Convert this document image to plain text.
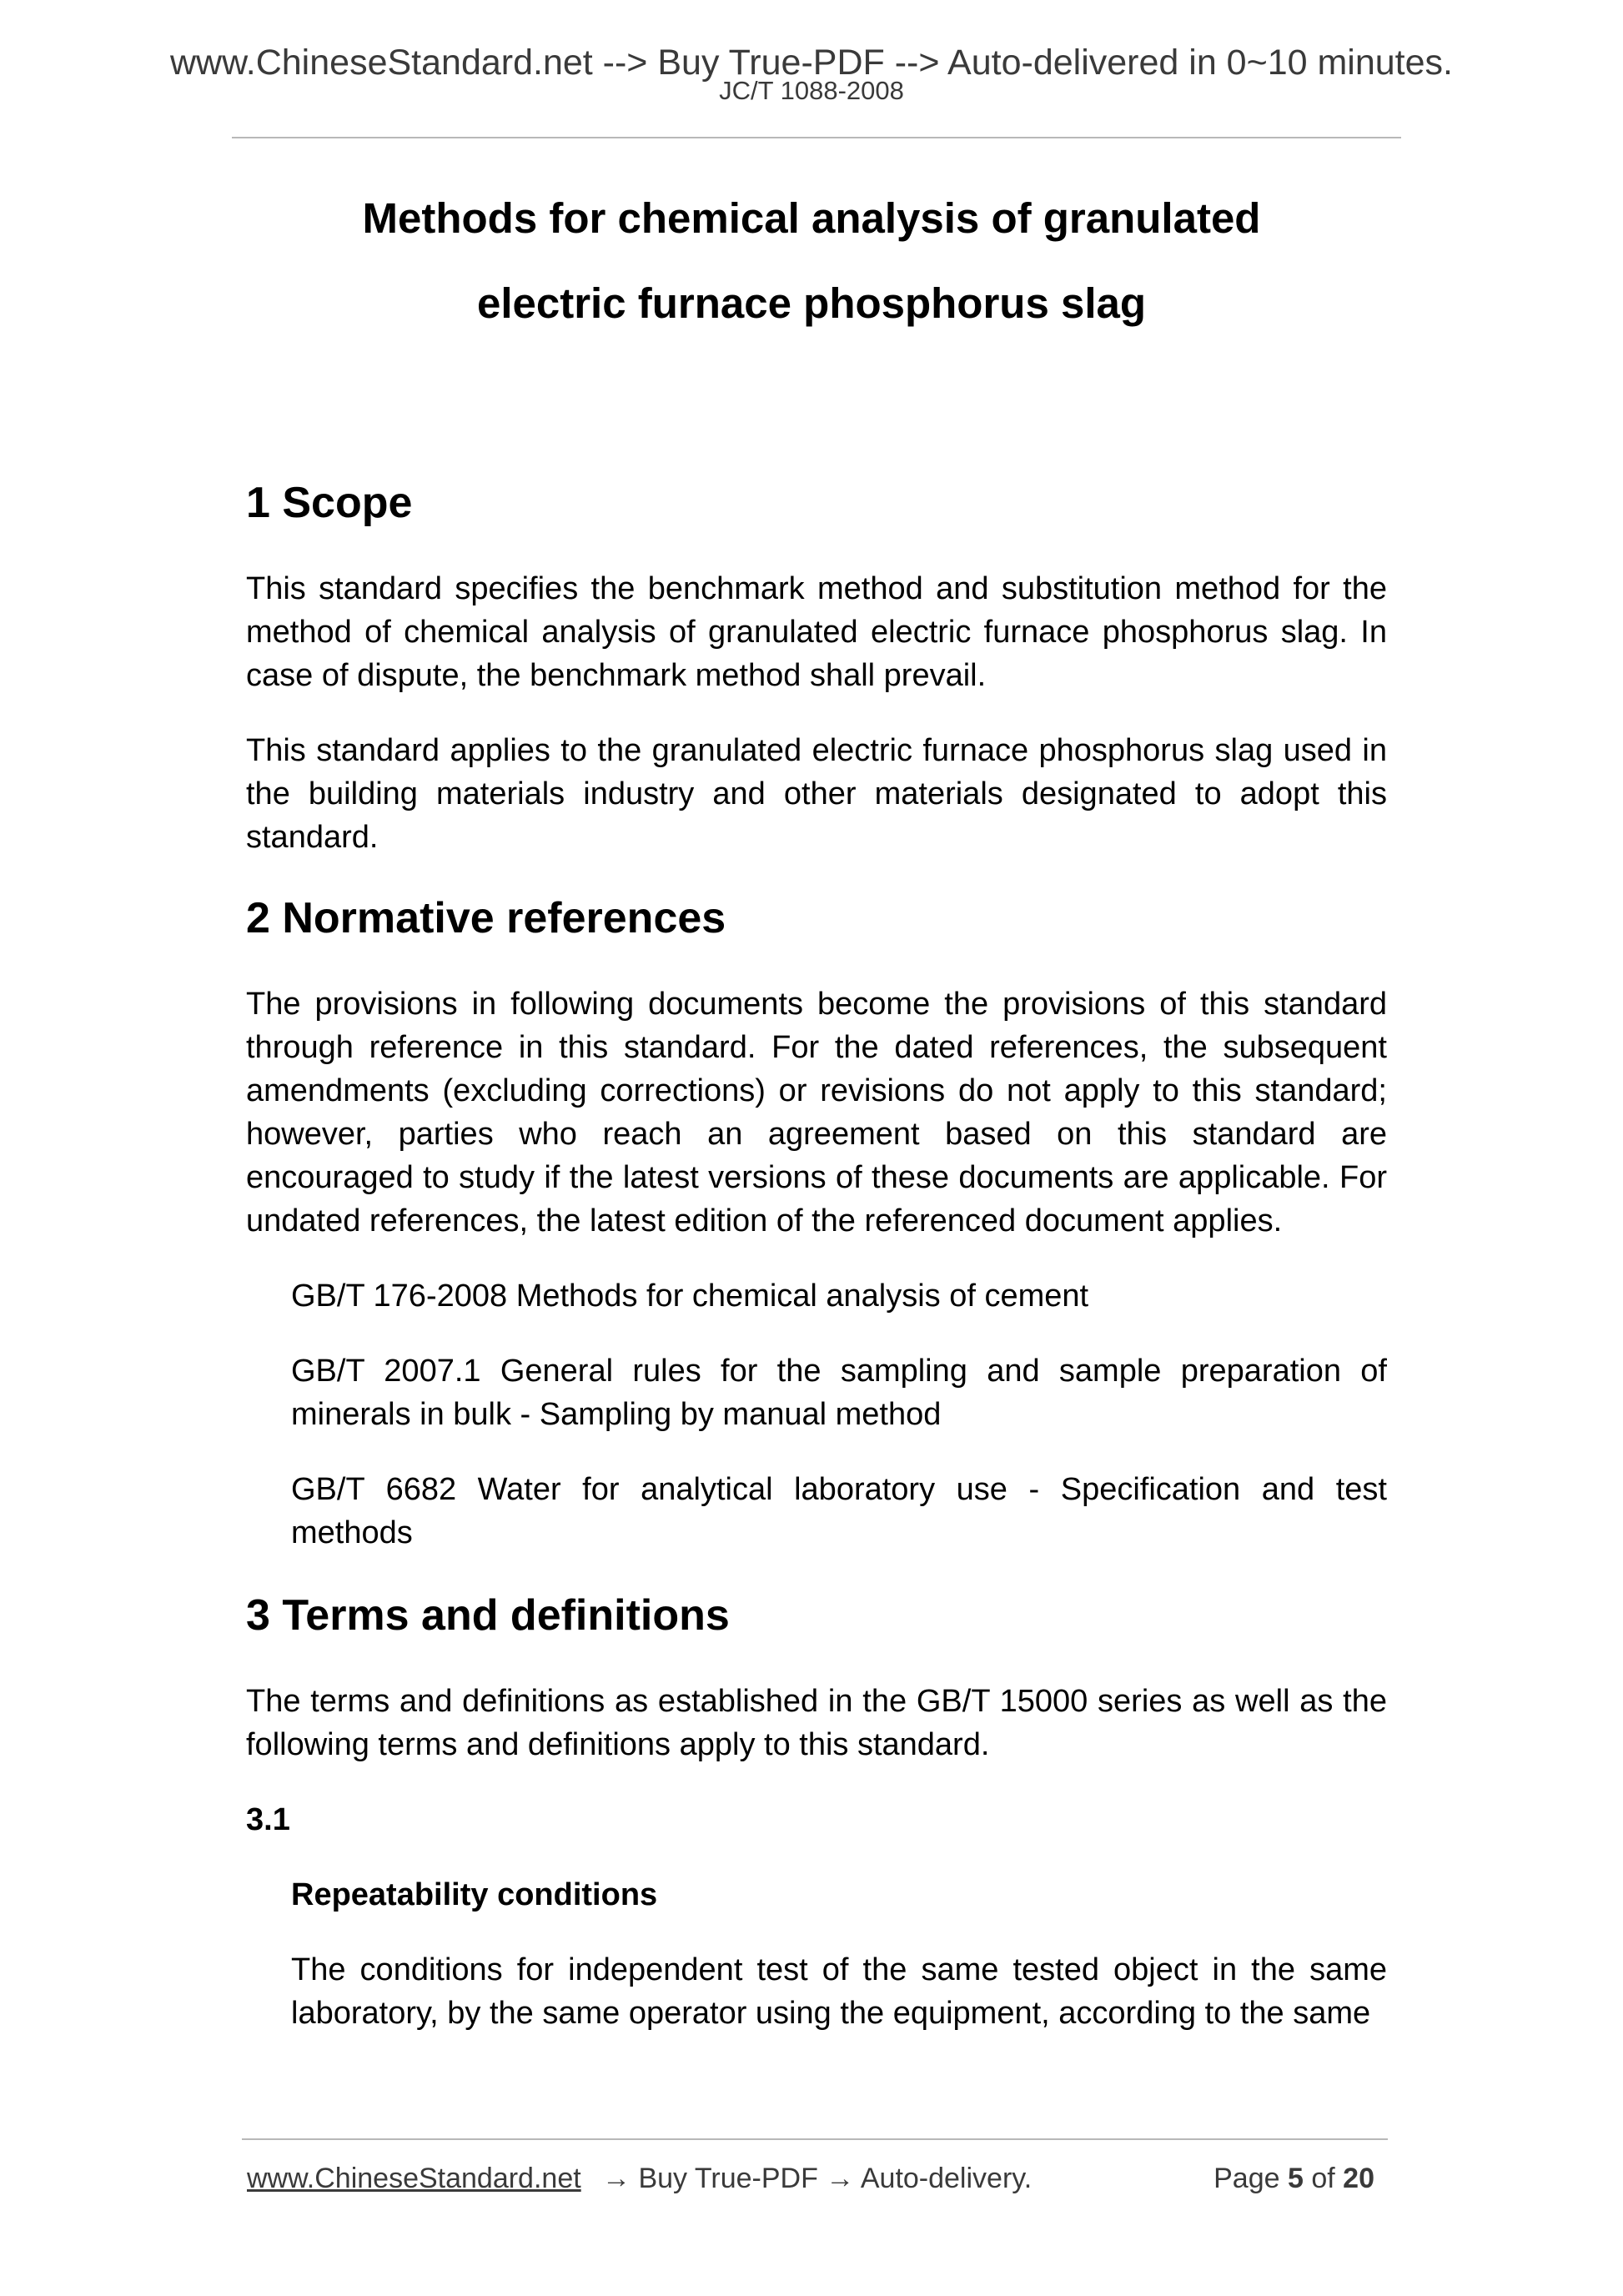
www.ChineseStandard.net --> Buy True-PDF --> Auto-delivered in 0~10 minutes.
JC/T 1088-2008
Methods for chemical analysis of granulated
electric furnace phosphorus slag
1 Scope

This standard specifies the benchmark method and substitution method for the method of chemical analysis of granulated electric furnace phosphorus slag. In case of dispute, the benchmark method shall prevail.

This standard applies to the granulated electric furnace phosphorus slag used in the building materials industry and other materials designated to adopt this standard.

2 Normative references

The provisions in following documents become the provisions of this standard through reference in this standard. For the dated references, the subsequent amendments (excluding corrections) or revisions do not apply to this standard; however, parties who reach an agreement based on this standard are encouraged to study if the latest versions of these documents are applicable. For undated references, the latest edition of the referenced document applies.

GB/T 176-2008 Methods for chemical analysis of cement

GB/T 2007.1 General rules for the sampling and sample preparation of minerals in bulk - Sampling by manual method

GB/T 6682 Water for analytical laboratory use - Specification and test methods

3 Terms and definitions

The terms and definitions as established in the GB/T 15000 series as well as the following terms and definitions apply to this standard.

3.1
Repeatability conditions

The conditions for independent test of the same tested object in the same laboratory, by the same operator using the equipment, according to the same

www.ChineseStandard.net → Buy True-PDF → Auto-delivery.	Page 5 of 20
